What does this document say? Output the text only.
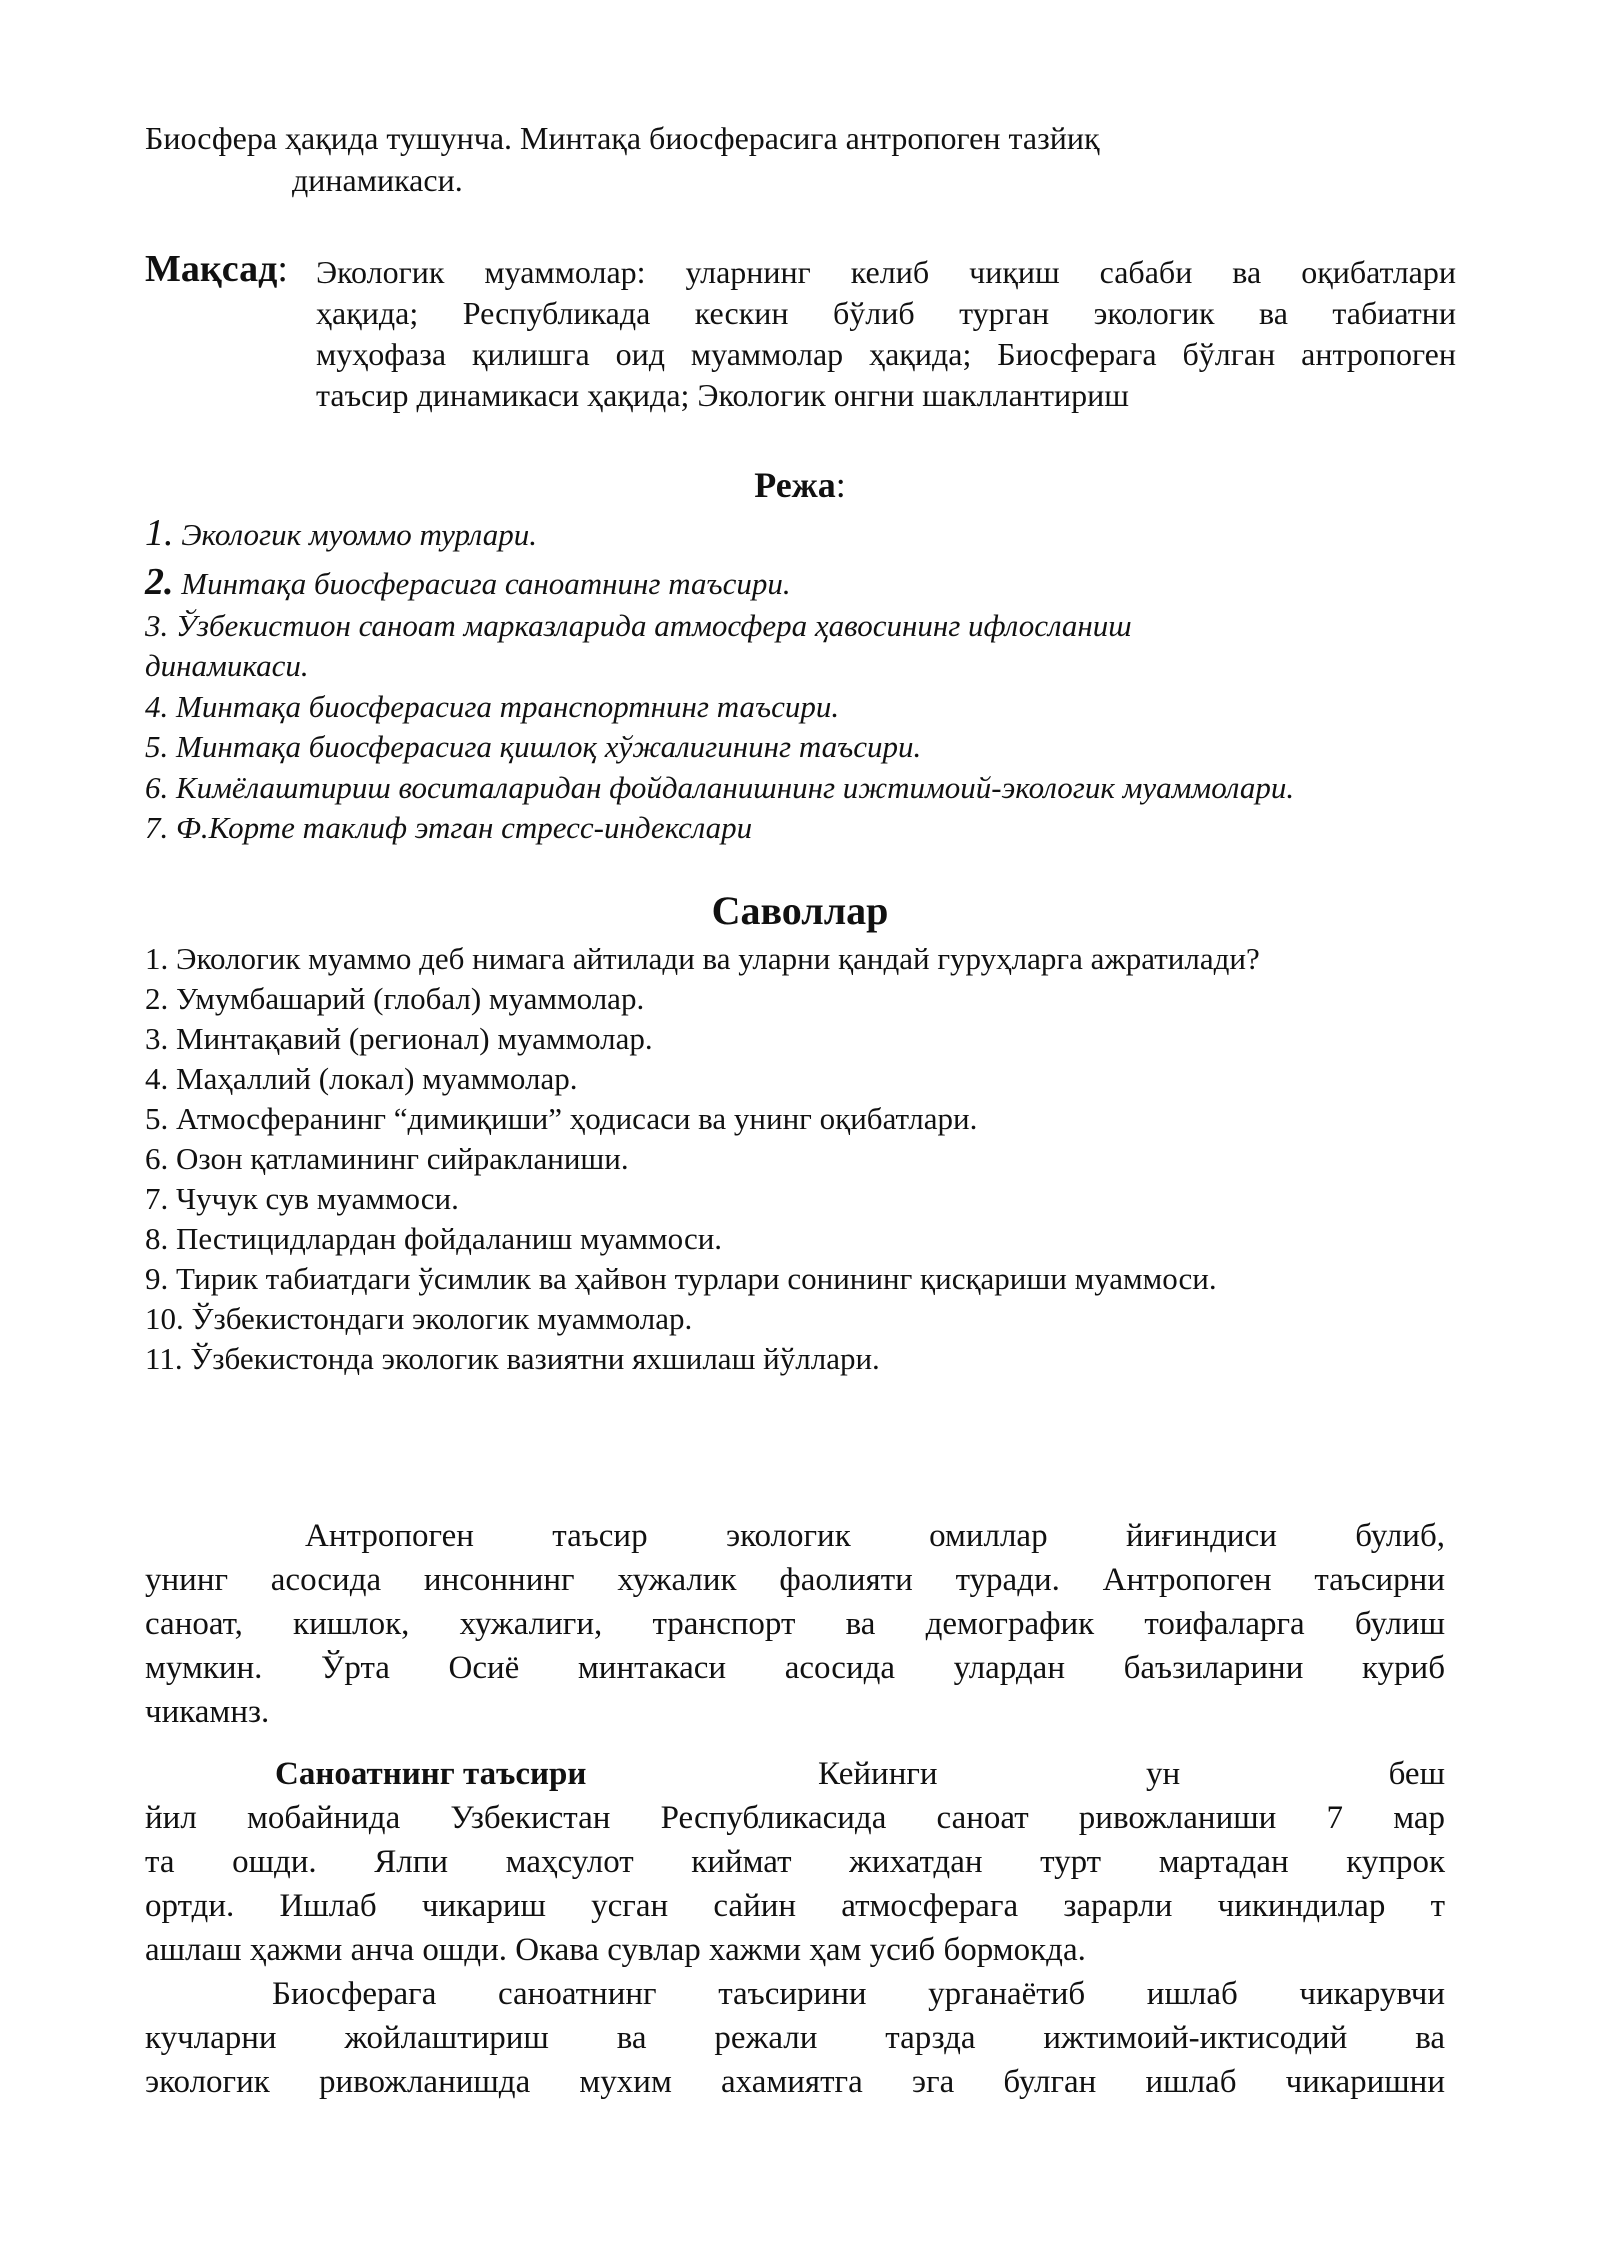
Биосфера ҳақида тушунча. Минтақа биосферасига антропоген тазйиқ
динамикаси.
Мақсад: Экологик муаммолар: уларнинг келиб чиқиш сабаби ва оқибатлари
ҳақида; Республикада кескин бўлиб турган экологик ва табиатни
муҳофаза қилишга оид муаммолар ҳақида; Биосферага бўлган антропоген
таъсир динамикаси ҳақида; Экологик онгни шакллантириш
Режа:
1. Экологик муоммо турлари.
2. Минтақа биосферасига саноатнинг таъсири.
3. Ўзбекистион саноат марказларида атмосфера ҳавосининг ифлосланиш
динамикаси.
4. Минтақа биосферасига транспортнинг таъсири.
5. Минтақа биосферасига қишлоқ хўжалигининг таъсири.
6. Кимёлаштириш воситаларидан фойдаланишнинг ижтимоий-экологик муаммолари.
7. Ф.Корте таклиф этган стресс-индекслари
Саволлар
1. Экологик муаммо деб нимага айтилади ва уларни қандай гуруҳларга ажратилади?
2. Умумбашарий (глобал) муаммолар.
3. Минтақавий (регионал) муаммолар.
4. Маҳаллий (локал) муаммолар.
5. Атмосферанинг “димиқиши” ҳодисаси ва унинг оқибатлари.
6. Озон қатламининг сийракланиши.
7. Чучук сув муаммоси.
8. Пестицидлардан фойдаланиш муаммоси.
9. Тирик табиатдаги ўсимлик ва ҳайвон турлари сонининг қисқариши муаммоси.
10. Ўзбекистондаги экологик муаммолар.
11. Ўзбекистонда экологик вазиятни яхшилаш йўллари.
Антропоген таъсир экологик омиллар йиғиндиси булиб,
унинг асосида инсоннинг хужалик фаолияти туради. Антропоген таъсирни
саноат, кишлок, хужалиги, транспорт ва демографик тоифаларга булиш
мумкин. Ўрта Осиё минтакаси асосида улардан баъзиларини куриб
чикамнз.
Саноатнинг таъсири	Кейинги ун беш
йил мобайнида Узбекистан Республикасида саноат ривожланиши 7 мар
та ошди. Ялпи маҳсулот киймат жихатдан турт мартадан купрок
ортди. Ишлаб чикариш усган сайин атмосферага зарарли чикиндилар т
ашлаш ҳажми анча ошди. Окава сувлар хажми ҳам усиб бормокда.
Биосферага саноатнинг таъсирини урганаётиб ишлаб чикарувчи
кучларни жойлаштириш ва режали тарзда ижтимоий-иктисодий ва
экологик ривожланишда мухим ахамиятга эга булган ишлаб чикаришни
